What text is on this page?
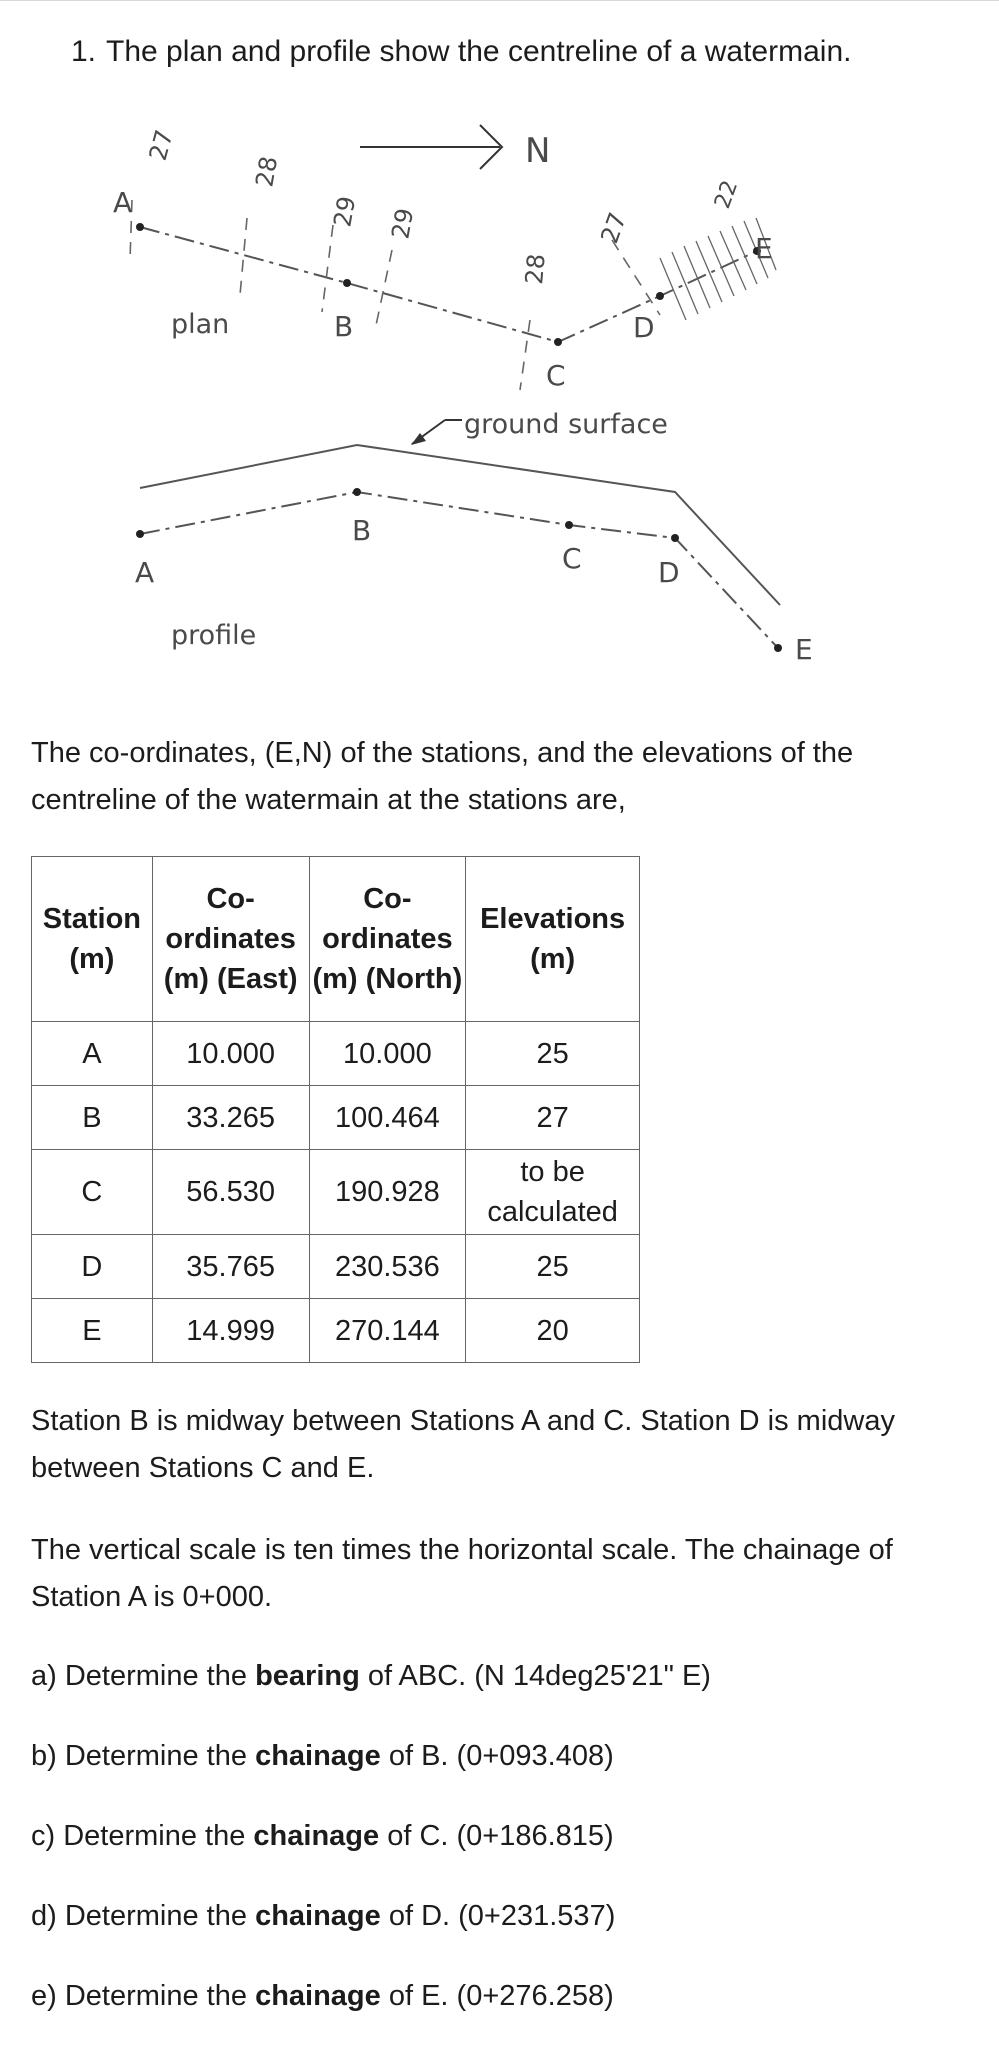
1. The plan and profile show the centreline of a watermain.
N
A
B
C
D
E
27
28
29 29
28
27
22
plan
ground surface
A
B
C	D
E
profile

The co-ordinates, (E,N) of the stations, and the elevations of the centreline of the watermain at the stations are,

Station (m)	Co-ordinates (m) (East)	Co-ordinates (m) (North)	Elevations (m)
A	10.000	10.000	25
B	33.265	100.464	27
C	56.530	190.928	to be calculated
D	35.765	230.536	25
E	14.999	270.144	20

Station B is midway between Stations A and C. Station D is midway between Stations C and E.

The vertical scale is ten times the horizontal scale. The chainage of Station A is 0+000.

a) Determine the bearing of ABC. (N 14deg25'21" E)

b) Determine the chainage of B. (0+093.408)

c) Determine the chainage of C. (0+186.815)

d) Determine the chainage of D. (0+231.537)

e) Determine the chainage of E. (0+276.258)
